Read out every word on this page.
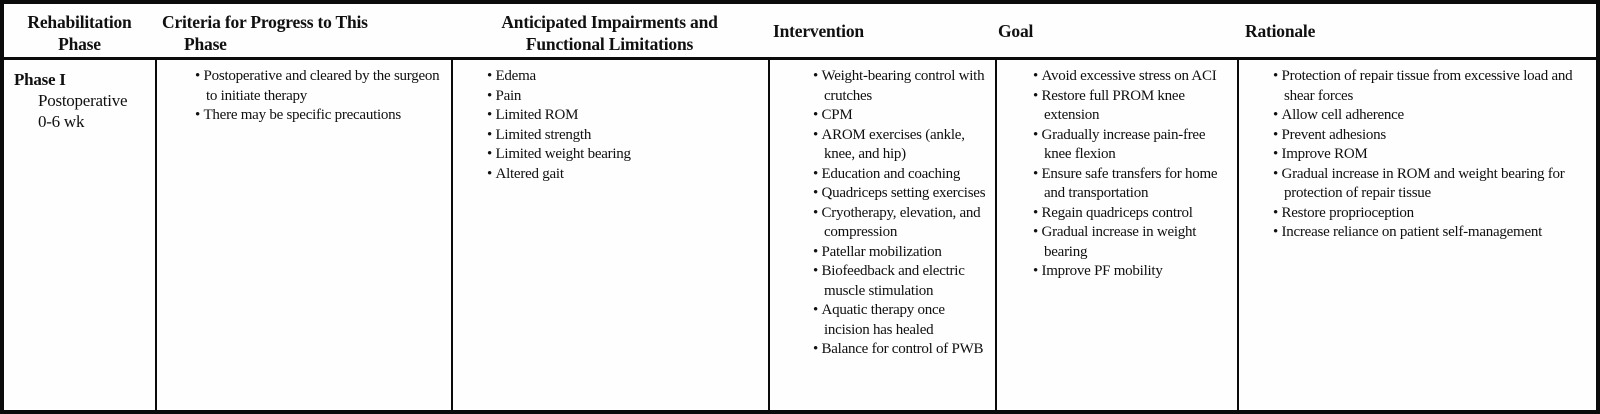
Rehabilitation
Phase
Criteria for Progress to This
Phase
Anticipated Impairments and
Functional Limitations
Intervention	Goal	Rationale
Phase I
Postoperative
0-6 wk
• Postoperative and cleared by the surgeon to initiate therapy
• There may be specific precautions
• Edema
• Pain
• Limited ROM
• Limited strength
• Limited weight bearing
• Altered gait
• Weight-bearing control with crutches
• CPM
• AROM exercises (ankle, knee, and hip)
• Education and coaching
• Quadriceps setting exercises
• Cryotherapy, elevation, and compression
• Patellar mobilization
• Biofeedback and electric muscle stimulation
• Aquatic therapy once incision has healed
• Balance for control of PWB
• Avoid excessive stress on ACI
• Restore full PROM knee extension
• Gradually increase pain-free knee flexion
• Ensure safe transfers for home and transportation
• Regain quadriceps control
• Gradual increase in weight bearing
• Improve PF mobility
• Protection of repair tissue from excessive load and shear forces
• Allow cell adherence
• Prevent adhesions
• Improve ROM
• Gradual increase in ROM and weight bearing for protection of repair tissue
• Restore proprioception
• Increase reliance on patient self-management
